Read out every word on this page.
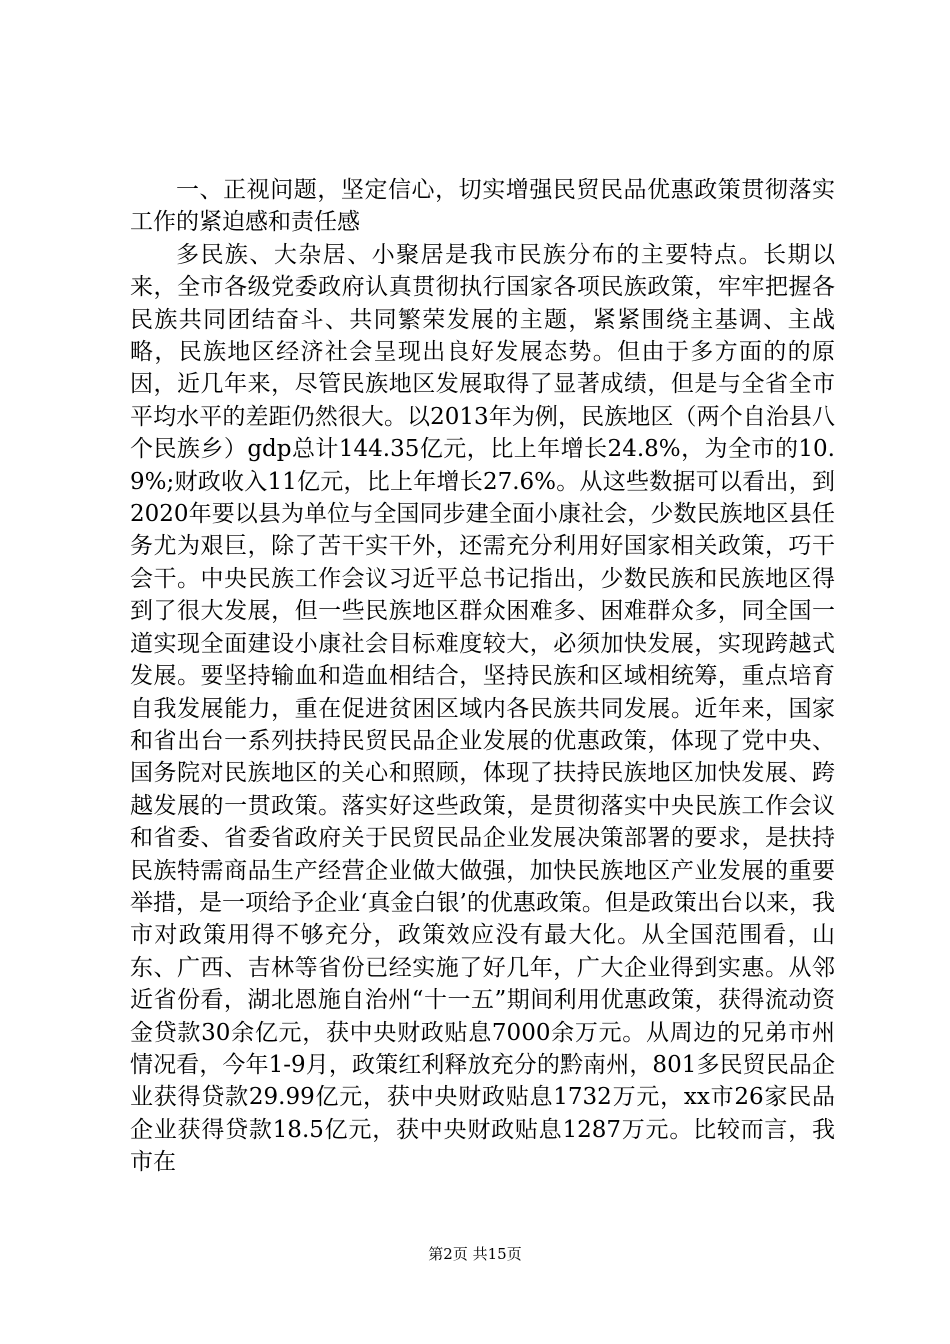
一、正视问题，坚定信心，切实增强民贸民品优惠政策贯彻落实工作的紧迫感和责任感

多民族、大杂居、小聚居是我市民族分布的主要特点。长期以来，全市各级党委政府认真贯彻执行国家各项民族政策，牢牢把握各民族共同团结奋斗、共同繁荣发展的主题，紧紧围绕主基调、主战略，民族地区经济社会呈现出良好发展态势。但由于多方面的的原因，近几年来，尽管民族地区发展取得了显著成绩，但是与全省全市平均水平的差距仍然很大。以2013年为例，民族地区（两个自治县八个民族乡）gdp总计144.35亿元，比上年增长24.8%，为全市的10.9%;财政收入11亿元，比上年增长27.6%。从这些数据可以看出，到2020年要以县为单位与全国同步建全面小康社会，少数民族地区县任务尤为艰巨，除了苦干实干外，还需充分利用好国家相关政策，巧干会干。中央民族工作会议习近平总书记指出，少数民族和民族地区得到了很大发展，但一些民族地区群众困难多、困难群众多，同全国一道实现全面建设小康社会目标难度较大，必须加快发展，实现跨越式发展。要坚持输血和造血相结合，坚持民族和区域相统筹，重点培育自我发展能力，重在促进贫困区域内各民族共同发展。近年来，国家和省出台一系列扶持民贸民品企业发展的优惠政策，体现了党中央、国务院对民族地区的关心和照顾，体现了扶持民族地区加快发展、跨越发展的一贯政策。落实好这些政策，是贯彻落实中央民族工作会议和省委、省委省政府关于民贸民品企业发展决策部署的要求，是扶持民族特需商品生产经营企业做大做强，加快民族地区产业发展的重要举措，是一项给予企业‘真金白银’的优惠政策。但是政策出台以来，我市对政策用得不够充分，政策效应没有最大化。从全国范围看，山东、广西、吉林等省份已经实施了好几年，广大企业得到实惠。从邻近省份看，湖北恩施自治州“十一五”期间利用优惠政策，获得流动资金贷款30余亿元，获中央财政贴息7000余万元。从周边的兄弟市州情况看，今年1-9月，政策红利释放充分的黔南州，801多民贸民品企业获得贷款29.99亿元，获中央财政贴息1732万元，xx市26家民品企业获得贷款18.5亿元，获中央财政贴息1287万元。比较而言，我市在

第2页 共15页
